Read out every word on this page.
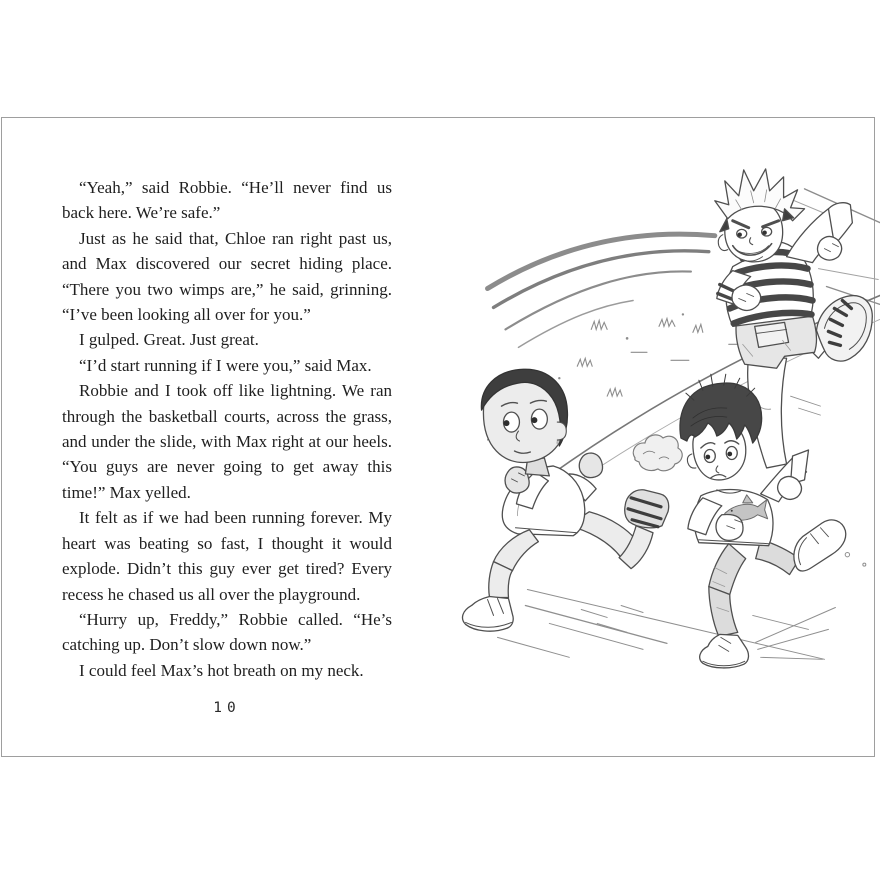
“Yeah,” said Robbie. “He’ll never find us back here. We’re safe.”

Just as he said that, Chloe ran right past us, and Max discovered our secret hiding place. “There you two wimps are,” he said, grinning. “I’ve been looking all over for you.”

I gulped. Great. Just great.

“I’d start running if I were you,” said Max.

Robbie and I took off like lightning. We ran through the basketball courts, across the grass, and under the slide, with Max right at our heels. “You guys are never going to get away this time!” Max yelled.

It felt as if we had been running forever. My heart was beating so fast, I thought it would explode. Didn’t this guy ever get tired? Every recess he chased us all over the playground.

“Hurry up, Freddy,” Robbie called. “He’s catching up. Don’t slow down now.”

I could feel Max’s hot breath on my neck.

10
